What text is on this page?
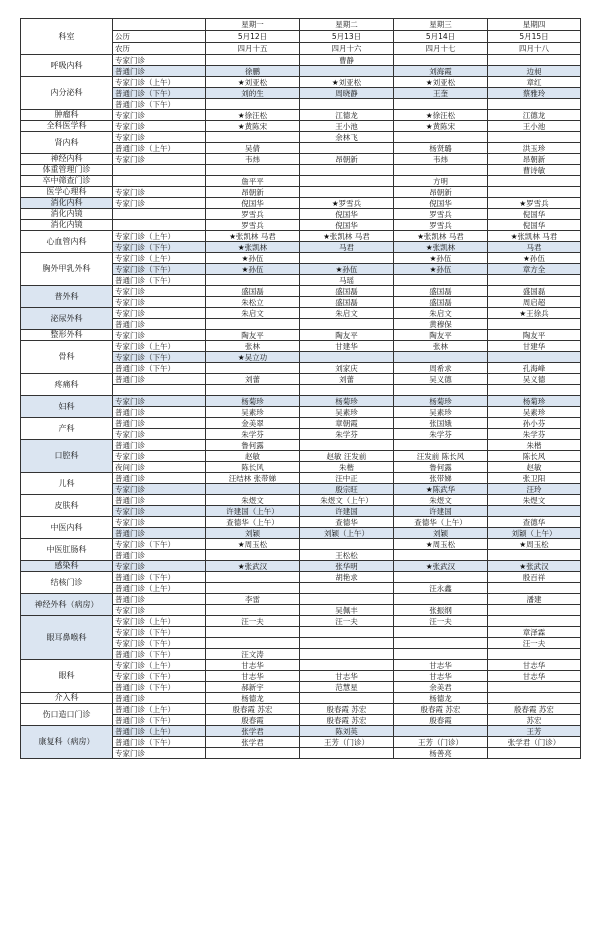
科室		星期一	星期二	星期三	星期四
	公历	5月12日	5月13日	5月14日	5月15日
	农历	四月十五	四月十六	四月十七	四月十八
呼吸内科	专家门诊		曹静		
	普通门诊	徐鹏		刘海霞	边昶
内分泌科	专家门诊（上午）	★刘亚松	★刘亚松	★刘亚松	章红
	普通门诊（下午）	刘的生	周晓静	王奎	蔡雅玲
	普通门诊（下午）				
肿瘤科	专家门诊	★徐汪松	江德龙	★徐汪松	江德龙
全科医学科	专家门诊	★黄陈宋	王小池	★黄陈宋	王小池
肾内科	专家门诊		余林飞		
	普通门诊（上午）	吴倩		杨贤璐	洪玉珍
神经内科	专家门诊	韦炜	昂朝新	韦炜	昂朝新
体重管理门诊					曹诗敏
卒中筛查门诊		詹平平		方明	
医学心理科	专家门诊	昂朝新		昂朝新	
消化内科	专家门诊	倪国华	★罗雪兵	倪国华	★罗雪兵
消化内镜		罗雪兵	倪国华	罗雪兵	倪国华
消化内镜		罗雪兵	倪国华	罗雪兵	倪国华
心血管内科	专家门诊（上午）	★张凯林 马君	★张凯林 马君	★张凯林 马君	★张凯林 马君
	专家门诊（下午）	★张凯林	马君	★张凯林	马君
胸外甲乳外科	专家门诊（上午）	★孙伍		★孙伍	★孙伍
	专家门诊（下午）	★孙伍	★孙伍	★孙伍	章方全
	普通门诊（下午）		马瑶		
普外科	专家门诊	盛国磊	盛国磊	盛国磊	盛国磊
	专家门诊	朱松立	盛国磊	盛国磊	周启超
泌尿外科	专家门诊	朱启文	朱启文	朱启文	★王徐兵
	普通门诊			黄穆保	
整形外科	专家门诊	陶友平	陶友平	陶友平	陶友平
骨科	专家门诊（上午）	张林	甘建华	张林	甘建华
	专家门诊（下午）	★吴立功			
	普通门诊（下午）		刘家庆	周希求	孔海峰
疼痛科	普通门诊	刘蕾	刘蕾	吴义德	吴义德

妇科	专家门诊	杨菊珍	杨菊珍	杨菊珍	杨菊珍
	普通门诊	吴素珍	吴素珍	吴素珍	吴素珍
产科	普通门诊	金美翠	章朝霞	张国娥	孙小芬
	专家门诊	朱学芬	朱学芬	朱学芬	朱学芬
口腔科	普通门诊	鲁何露			朱楷
	专家门诊	赵敏	赵敏 汪发前	汪发前 陈长风	陈长风
	夜间门诊	陈长风	朱楷	鲁何露	赵敏
儿科	普通门诊	汪结林 张带娣	汪中正	张带娣	张卫阳
	专家门诊		殷宗旺	★陈武华	汪玲
皮肤科	普通门诊	朱煜文	朱煜文（上午）	朱煜文	朱煜文
	专家门诊	许建国（上午）	许建国	许建国	
中医内科	专家门诊	查德华（上午）	查德华	查德华（上午）	查德华
	普通门诊	刘颖	刘颖（上午）	刘颖	刘颖（上午）
中医肛肠科	专家门诊（下午）	★周玉松		★周玉松	★周玉松
	普通门诊		王松松		
感染科	专家门诊	★张武汉	张华明	★张武汉	★张武汉
结核门诊	普通门诊（下午）		胡艳求		殷百祥
	普通门诊（上午）			汪永鑫	
神经外科（病房）	普通门诊	李雷			潘建
	专家门诊		吴佩丰	张振纲	
眼耳鼻喉科	专家门诊（上午）	汪一夫	汪一夫	汪一夫	
	专家门诊（下午）				章泽霖
	专家门诊（下午）				汪一夫
	普通门诊（下午）	汪文涛			
眼科	专家门诊（上午）	甘志华		甘志华	甘志华
	专家门诊（下午）	甘志华	甘志华	甘志华	甘志华
	普通门诊（下午）	郝新宇	范慧星	余美君	
介入科	普通门诊	杨德龙		杨德龙	
伤口造口门诊	普通门诊（上午）	殷春霞 苏宏	殷春霞 苏宏	殷春霞 苏宏	殷春霞 苏宏
	普通门诊（下午）	殷春霞	殷春霞 苏宏	殷春霞	苏宏
康复科（病房）	普通门诊（上午）	张学君	陈刘英		王芳
	普通门诊（下午）	张学君	王芳（门诊）	王芳（门诊）	张学君（门诊）
	专家门诊			杨善亮	
